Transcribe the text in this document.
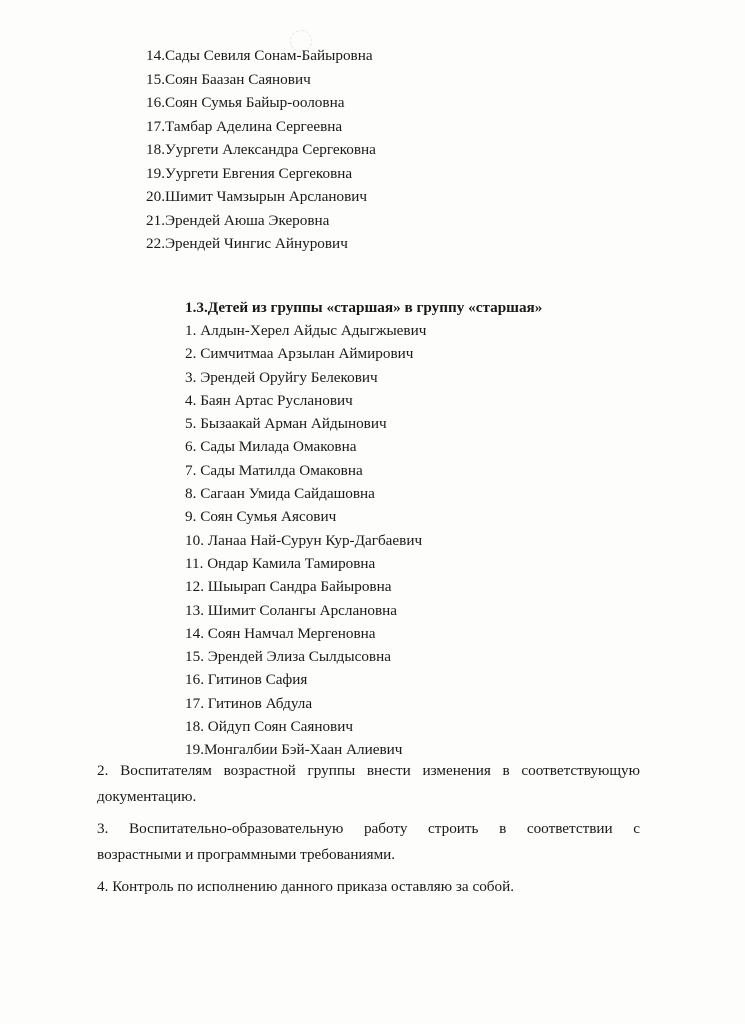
14.Сады Севиля Сонам-Байыровна
15.Соян Баазан Саянович
16.Соян Сумья Байыр-ооловна
17.Тамбар Аделина Сергеевна
18.Уургети Александра Сергековна
19.Уургети Евгения Сергековна
20.Шимит Чамзырын Арсланович
21.Эрендей Аюша Экеровна
22.Эрендей Чингис Айнурович
1.3.Детей из группы «старшая» в группу «старшая»
1. Алдын-Херел Айдыс Адыгжыевич
2. Симчитмаа Арзылан Аймирович
3. Эрендей Оруйгу Белекович
4. Баян Артас Русланович
5. Бызаакай Арман Айдынович
6. Сады Милада Омаковна
7. Сады Матилда Омаковна
8. Сагаан Умида Сайдашовна
9. Соян Сумья Аясович
10. Ланаа Най-Сурун Кур-Дагбаевич
11. Ондар Камила Тамировна
12. Шыырап Сандра Байыровна
13. Шимит Солангы Арслановна
14. Соян Намчал Мергеновна
15. Эрендей Элиза Сылдысовна
16. Гитинов Сафия
17. Гитинов Абдула
18. Ойдуп Соян Саянович
19.Монгалбии Бэй-Хаан Алиевич
2. Воспитателям возрастной группы внести изменения в соответствующую
документацию.
3. Воспитательно-образовательную работу строить в соответствии с
возрастными и программными требованиями.
4. Контроль по исполнению данного приказа оставляю за собой.
